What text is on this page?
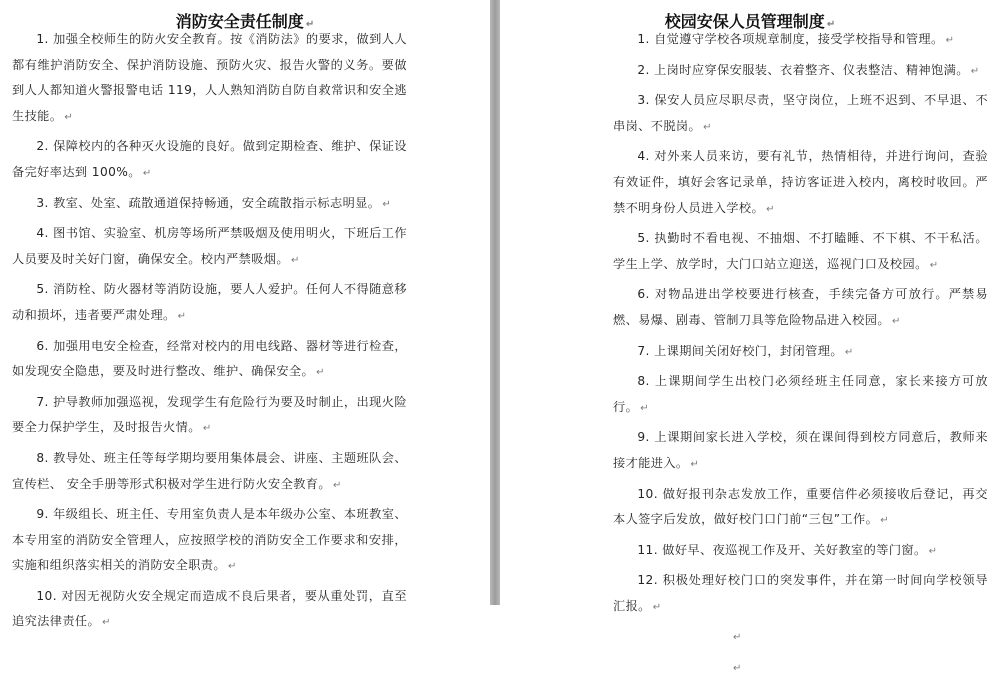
消防安全责任制度 ↵

1. 加强全校师生的防火安全教育。按《消防法》的要求，做到人人都有维护消防安全、保护消防设施、预防火灾、报告火警的义务。要做到人人都知道火警报警电话 119，人人熟知消防自防自救常识和安全逃生技能。 ↵

2. 保障校内的各种灭火设施的良好。做到定期检查、维护、保证设备完好率达到 100%。 ↵

3. 教室、处室、疏散通道保持畅通，安全疏散指示标志明显。 ↵

4. 图书馆、实验室、机房等场所严禁吸烟及使用明火，下班后工作人员要及时关好门窗，确保安全。校内严禁吸烟。 ↵

5. 消防栓、防火器材等消防设施，要人人爱护。任何人不得随意移动和损坏，违者要严肃处理。 ↵

6. 加强用电安全检查，经常对校内的用电线路、器材等进行检查，如发现安全隐患，要及时进行整改、维护、确保安全。 ↵

7. 护导教师加强巡视，发现学生有危险行为要及时制止，出现火险要全力保护学生，及时报告火情。 ↵

8. 教导处、班主任等每学期均要用集体晨会、讲座、主题班队会、宣传栏、 安全手册等形式积极对学生进行防火安全教育。 ↵

9. 年级组长、班主任、专用室负责人是本年级办公室、本班教室、本专用室的消防安全管理人，应按照学校的消防安全工作要求和安排，实施和组织落实相关的消防安全职责。 ↵

10. 对因无视防火安全规定而造成不良后果者，要从重处罚，直至追究法律责任。 ↵

校园安保人员管理制度 ↵

1. 自觉遵守学校各项规章制度，接受学校指导和管理。 ↵

2. 上岗时应穿保安服装、衣着整齐、仪表整洁、精神饱满。 ↵

3. 保安人员应尽职尽责，坚守岗位，上班不迟到、不早退、不串岗、不脱岗。 ↵

4. 对外来人员来访，要有礼节，热情相待，并进行询问，查验有效证件，填好会客记录单，持访客证进入校内，离校时收回。严禁不明身份人员进入学校。 ↵

5. 执勤时不看电视、不抽烟、不打瞌睡、不下棋、不干私活。学生上学、放学时，大门口站立迎送，巡视门口及校园。 ↵

6. 对物品进出学校要进行核查，手续完备方可放行。严禁易燃、易爆、剧毒、管制刀具等危险物品进入校园。 ↵

7. 上课期间关闭好校门，封闭管理。 ↵

8. 上课期间学生出校门必须经班主任同意，家长来接方可放行。 ↵

9. 上课期间家长进入学校，须在课间得到校方同意后，教师来接才能进入。 ↵

10. 做好报刊杂志发放工作，重要信件必须接收后登记，再交本人签字后发放，做好校门口门前“三包”工作。 ↵

11. 做好早、夜巡视工作及开、关好教室的等门窗。 ↵

12. 积极处理好校门口的突发事件，并在第一时间向学校领导汇报。 ↵

↵

↵
